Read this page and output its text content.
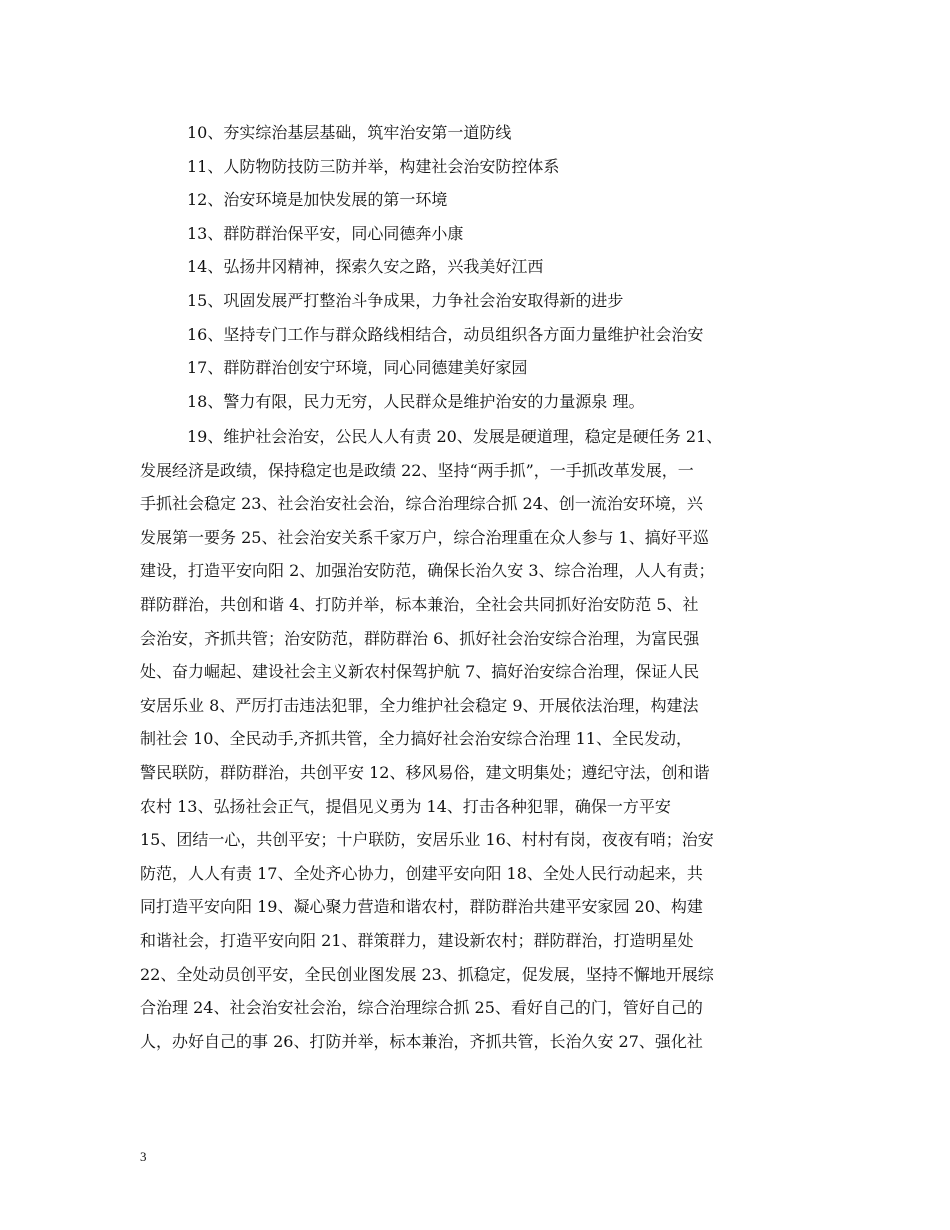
10、夯实综治基层基础，筑牢治安第一道防线
11、人防物防技防三防并举，构建社会治安防控体系
12、治安环境是加快发展的第一环境
13、群防群治保平安，同心同德奔小康
14、弘扬井冈精神，探索久安之路，兴我美好江西
15、巩固发展严打整治斗争成果，力争社会治安取得新的进步
16、坚持专门工作与群众路线相结合，动员组织各方面力量维护社会治安
17、群防群治创安宁环境，同心同德建美好家园
18、警力有限，民力无穷，人民群众是维护治安的力量源泉 理。
19、维护社会治安，公民人人有责 20、发展是硬道理，稳定是硬任务 21、
发展经济是政绩，保持稳定也是政绩 22、坚持“两手抓”，一手抓改革发展，一
手抓社会稳定 23、社会治安社会治，综合治理综合抓 24、创一流治安环境，兴
发展第一要务 25、社会治安关系千家万户，综合治理重在众人参与 1、搞好平巡
建设，打造平安向阳 2、加强治安防范，确保长治久安 3、综合治理，人人有责；
群防群治，共创和谐 4、打防并举，标本兼治，全社会共同抓好治安防范 5、社
会治安，齐抓共管；治安防范，群防群治 6、抓好社会治安综合治理，为富民强
处、奋力崛起、建设社会主义新农村保驾护航 7、搞好治安综合治理，保证人民
安居乐业 8、严厉打击违法犯罪，全力维护社会稳定 9、开展依法治理，构建法
制社会 10、全民动手,齐抓共管，全力搞好社会治安综合治理 11、全民发动，
警民联防，群防群治，共创平安 12、移风易俗，建文明集处；遵纪守法，创和谐
农村 13、弘扬社会正气，提倡见义勇为 14、打击各种犯罪，确保一方平安
15、团结一心，共创平安；十户联防，安居乐业 16、村村有岗，夜夜有哨；治安
防范，人人有责 17、全处齐心协力，创建平安向阳 18、全处人民行动起来，共
同打造平安向阳 19、凝心聚力营造和谐农村，群防群治共建平安家园 20、构建
和谐社会，打造平安向阳 21、群策群力，建设新农村；群防群治，打造明星处
22、全处动员创平安，全民创业图发展 23、抓稳定，促发展，坚持不懈地开展综
合治理 24、社会治安社会治，综合治理综合抓 25、看好自己的门，管好自己的
人，办好自己的事 26、打防并举，标本兼治，齐抓共管，长治久安 27、强化社
3
